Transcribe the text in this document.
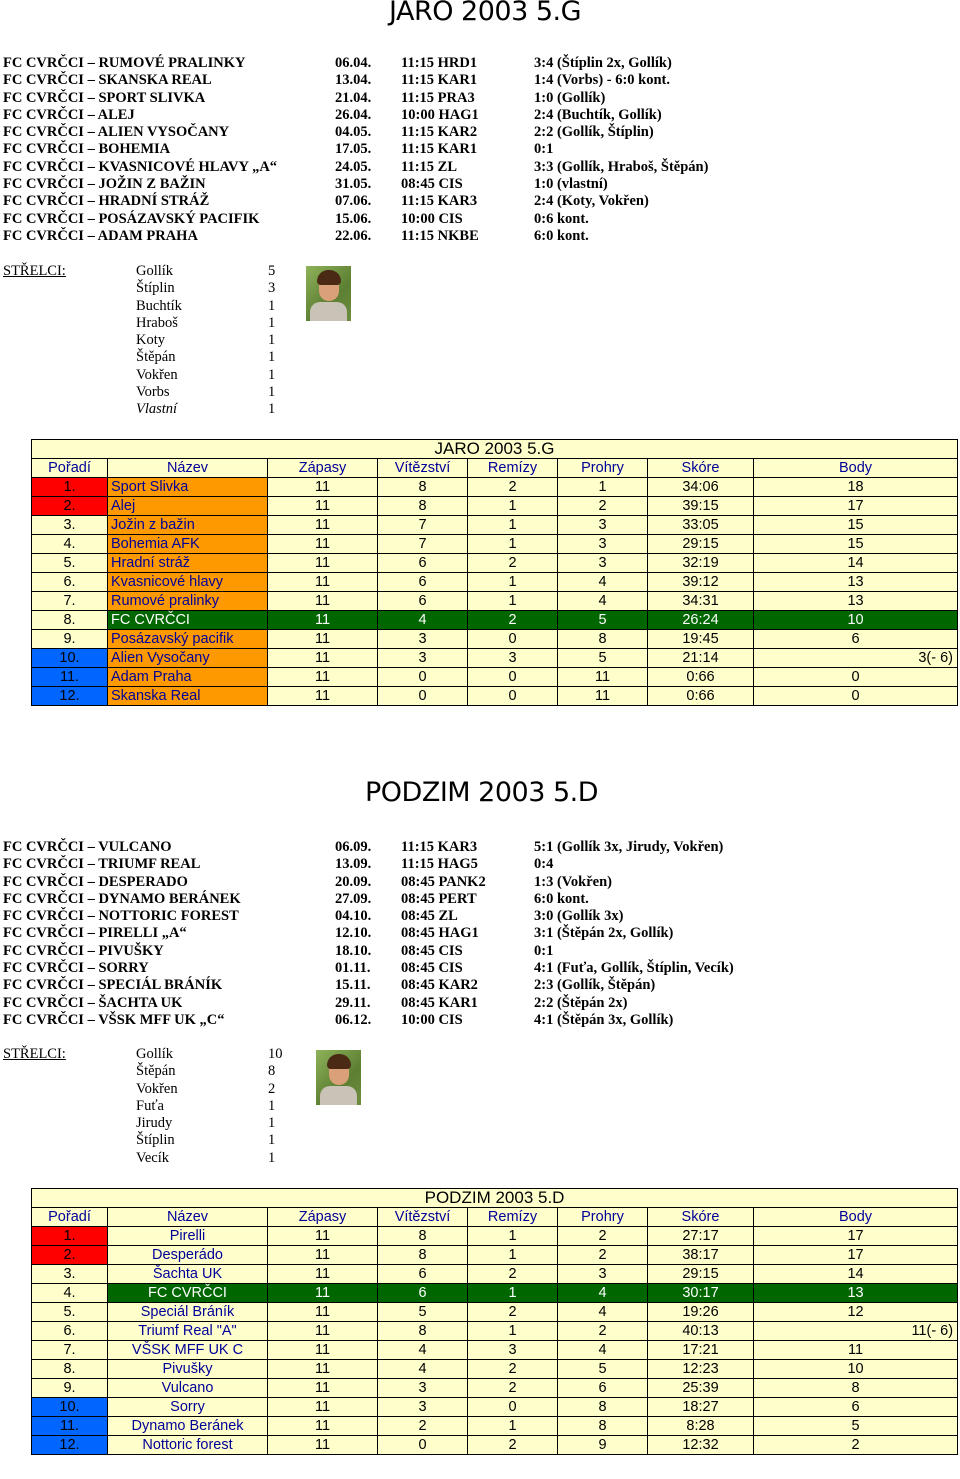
JARO 2003 5.G
FC CVRČCI – RUMOVÉ PRALINKY	06.04. 11:15 HRD1	3:4 (Štíplin 2x, Gollík)
FC CVRČCI – SKANSKA REAL	13.04. 11:15 KAR1	1:4 (Vorbs) - 6:0 kont.
FC CVRČCI – SPORT SLIVKA	21.04. 11:15 PRA3	1:0 (Gollík)
FC CVRČCI – ALEJ	26.04. 10:00 HAG1	2:4 (Buchtík, Gollík)
FC CVRČCI – ALIEN VYSOČANY	04.05. 11:15 KAR2	2:2 (Gollík, Štíplin)
FC CVRČCI – BOHEMIA	17.05. 11:15 KAR1	0:1
FC CVRČCI – KVASNICOVÉ HLAVY „A“	24.05. 11:15 ZL	3:3 (Gollík, Hraboš, Štěpán)
FC CVRČCI – JOŽIN Z BAŽIN	31.05. 08:45 CIS	1:0 (vlastní)
FC CVRČCI – HRADNÍ STRÁŽ	07.06. 11:15 KAR3	2:4 (Koty, Vokřen)
FC CVRČCI – POSÁZAVSKÝ PACIFIK	15.06. 10:00 CIS	0:6 kont.
FC CVRČCI – ADAM PRAHA	22.06. 11:15 NKBE	6:0 kont.
STŘELCI:	Gollík	5
Štíplin	3
Buchtík	1
Hraboš	1
Koty	1
Štěpán	1
Vokřen	1
Vorbs	1
Vlastní	1
JARO 2003 5.G							
Pořadí	Název	Zápasy	Vítězství	Remízy	Prohry	Skóre	Body
1.	Sport Slivka	11	8	2	1	34:06	18
2.	Alej	11	8	1	2	39:15	17
3.	Jožin z bažin	11	7	1	3	33:05	15
4.	Bohemia AFK	11	7	1	3	29:15	15
5.	Hradní stráž	11	6	2	3	32:19	14
6.	Kvasnicové hlavy	11	6	1	4	39:12	13
7.	Rumové pralinky	11	6	1	4	34:31	13
8.	FC CVRČCI	11	4	2	5	26:24	10
9.	Posázavský pacifik	11	3	0	8	19:45	6
10.	Alien Vysočany	11	3	3	5	21:14	3(- 6)
11.	Adam Praha	11	0	0	11	0:66	0
12.	Skanska Real	11	0	0	11	0:66	0
PODZIM 2003 5.D
FC CVRČCI – VULCANO	06.09. 11:15 KAR3	5:1 (Gollík 3x, Jirudy, Vokřen)
FC CVRČCI – TRIUMF REAL	13.09. 11:15 HAG5	0:4
FC CVRČCI – DESPERADO	20.09. 08:45 PANK2	1:3 (Vokřen)
FC CVRČCI – DYNAMO BERÁNEK	27.09. 08:45 PERT	6:0 kont.
FC CVRČCI – NOTTORIC FOREST	04.10. 08:45 ZL	3:0 (Gollík 3x)
FC CVRČCI – PIRELLI „A“	12.10. 08:45 HAG1	3:1 (Štěpán 2x, Gollík)
FC CVRČCI – PIVUŠKY	18.10. 08:45 CIS	0:1
FC CVRČCI – SORRY	01.11. 08:45 CIS	4:1 (Fuťa, Gollík, Štíplin, Vecík)
FC CVRČCI – SPECIÁL BRÁNÍK	15.11. 08:45 KAR2	2:3 (Gollík, Štěpán)
FC CVRČCI – ŠACHTA UK	29.11. 08:45 KAR1	2:2 (Štěpán 2x)
FC CVRČCI – VŠSK MFF UK „C“	06.12. 10:00 CIS	4:1 (Štěpán 3x, Gollík)
STŘELCI:	Gollík	10
Štěpán	8
Vokřen	2
Fuťa	1
Jirudy	1
Štíplin	1
Vecík	1
PODZIM 2003 5.D							
Pořadí	Název	Zápasy	Vítězství	Remízy	Prohry	Skóre	Body
1.	Pirelli	11	8	1	2	27:17	17
2.	Desperádo	11	8	1	2	38:17	17
3.	Šachta UK	11	6	2	3	29:15	14
4.	FC CVRČCI	11	6	1	4	30:17	13
5.	Speciál Bráník	11	5	2	4	19:26	12
6.	Triumf Real "A"	11	8	1	2	40:13	11(- 6)
7.	VŠSK MFF UK C	11	4	3	4	17:21	11
8.	Pivušky	11	4	2	5	12:23	10
9.	Vulcano	11	3	2	6	25:39	8
10.	Sorry	11	3	0	8	18:27	6
11.	Dynamo Beránek	11	2	1	8	8:28	5
12.	Nottoric forest	11	0	2	9	12:32	2
